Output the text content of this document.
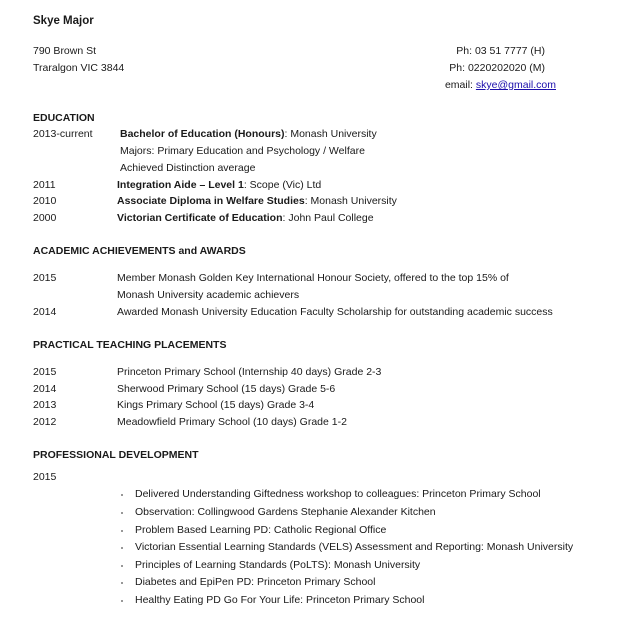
Skye Major
790 Brown St
Traralgon VIC 3844
Ph: 03 51 7777 (H)
Ph: 0220202020 (M)
email: skye@gmail.com
EDUCATION
2013-current	Bachelor of Education (Honours): Monash University
Majors: Primary Education and Psychology / Welfare
Achieved Distinction average
2011	Integration Aide – Level 1: Scope (Vic) Ltd
2010	Associate Diploma in Welfare Studies: Monash University
2000	Victorian Certificate of Education: John Paul College
ACADEMIC ACHIEVEMENTS and AWARDS
2015	Member Monash Golden Key International Honour Society, offered to the top 15% of
Monash University academic achievers
2014	Awarded Monash University Education Faculty Scholarship for outstanding academic success
PRACTICAL TEACHING PLACEMENTS
2015	Princeton Primary School (Internship 40 days) Grade 2-3
2014	Sherwood Primary School (15 days) Grade 5-6
2013	Kings Primary School (15 days) Grade 3-4
2012	Meadowfield Primary School (10 days) Grade 1-2
PROFESSIONAL DEVELOPMENT
2015
Delivered Understanding Giftedness workshop to colleagues: Princeton Primary School
Observation: Collingwood Gardens Stephanie Alexander Kitchen
Problem Based Learning PD: Catholic Regional Office
Victorian Essential Learning Standards (VELS) Assessment and Reporting: Monash University
Principles of Learning Standards (PoLTS): Monash University
Diabetes and EpiPen PD: Princeton Primary School
Healthy Eating PD Go For Your Life: Princeton Primary School
